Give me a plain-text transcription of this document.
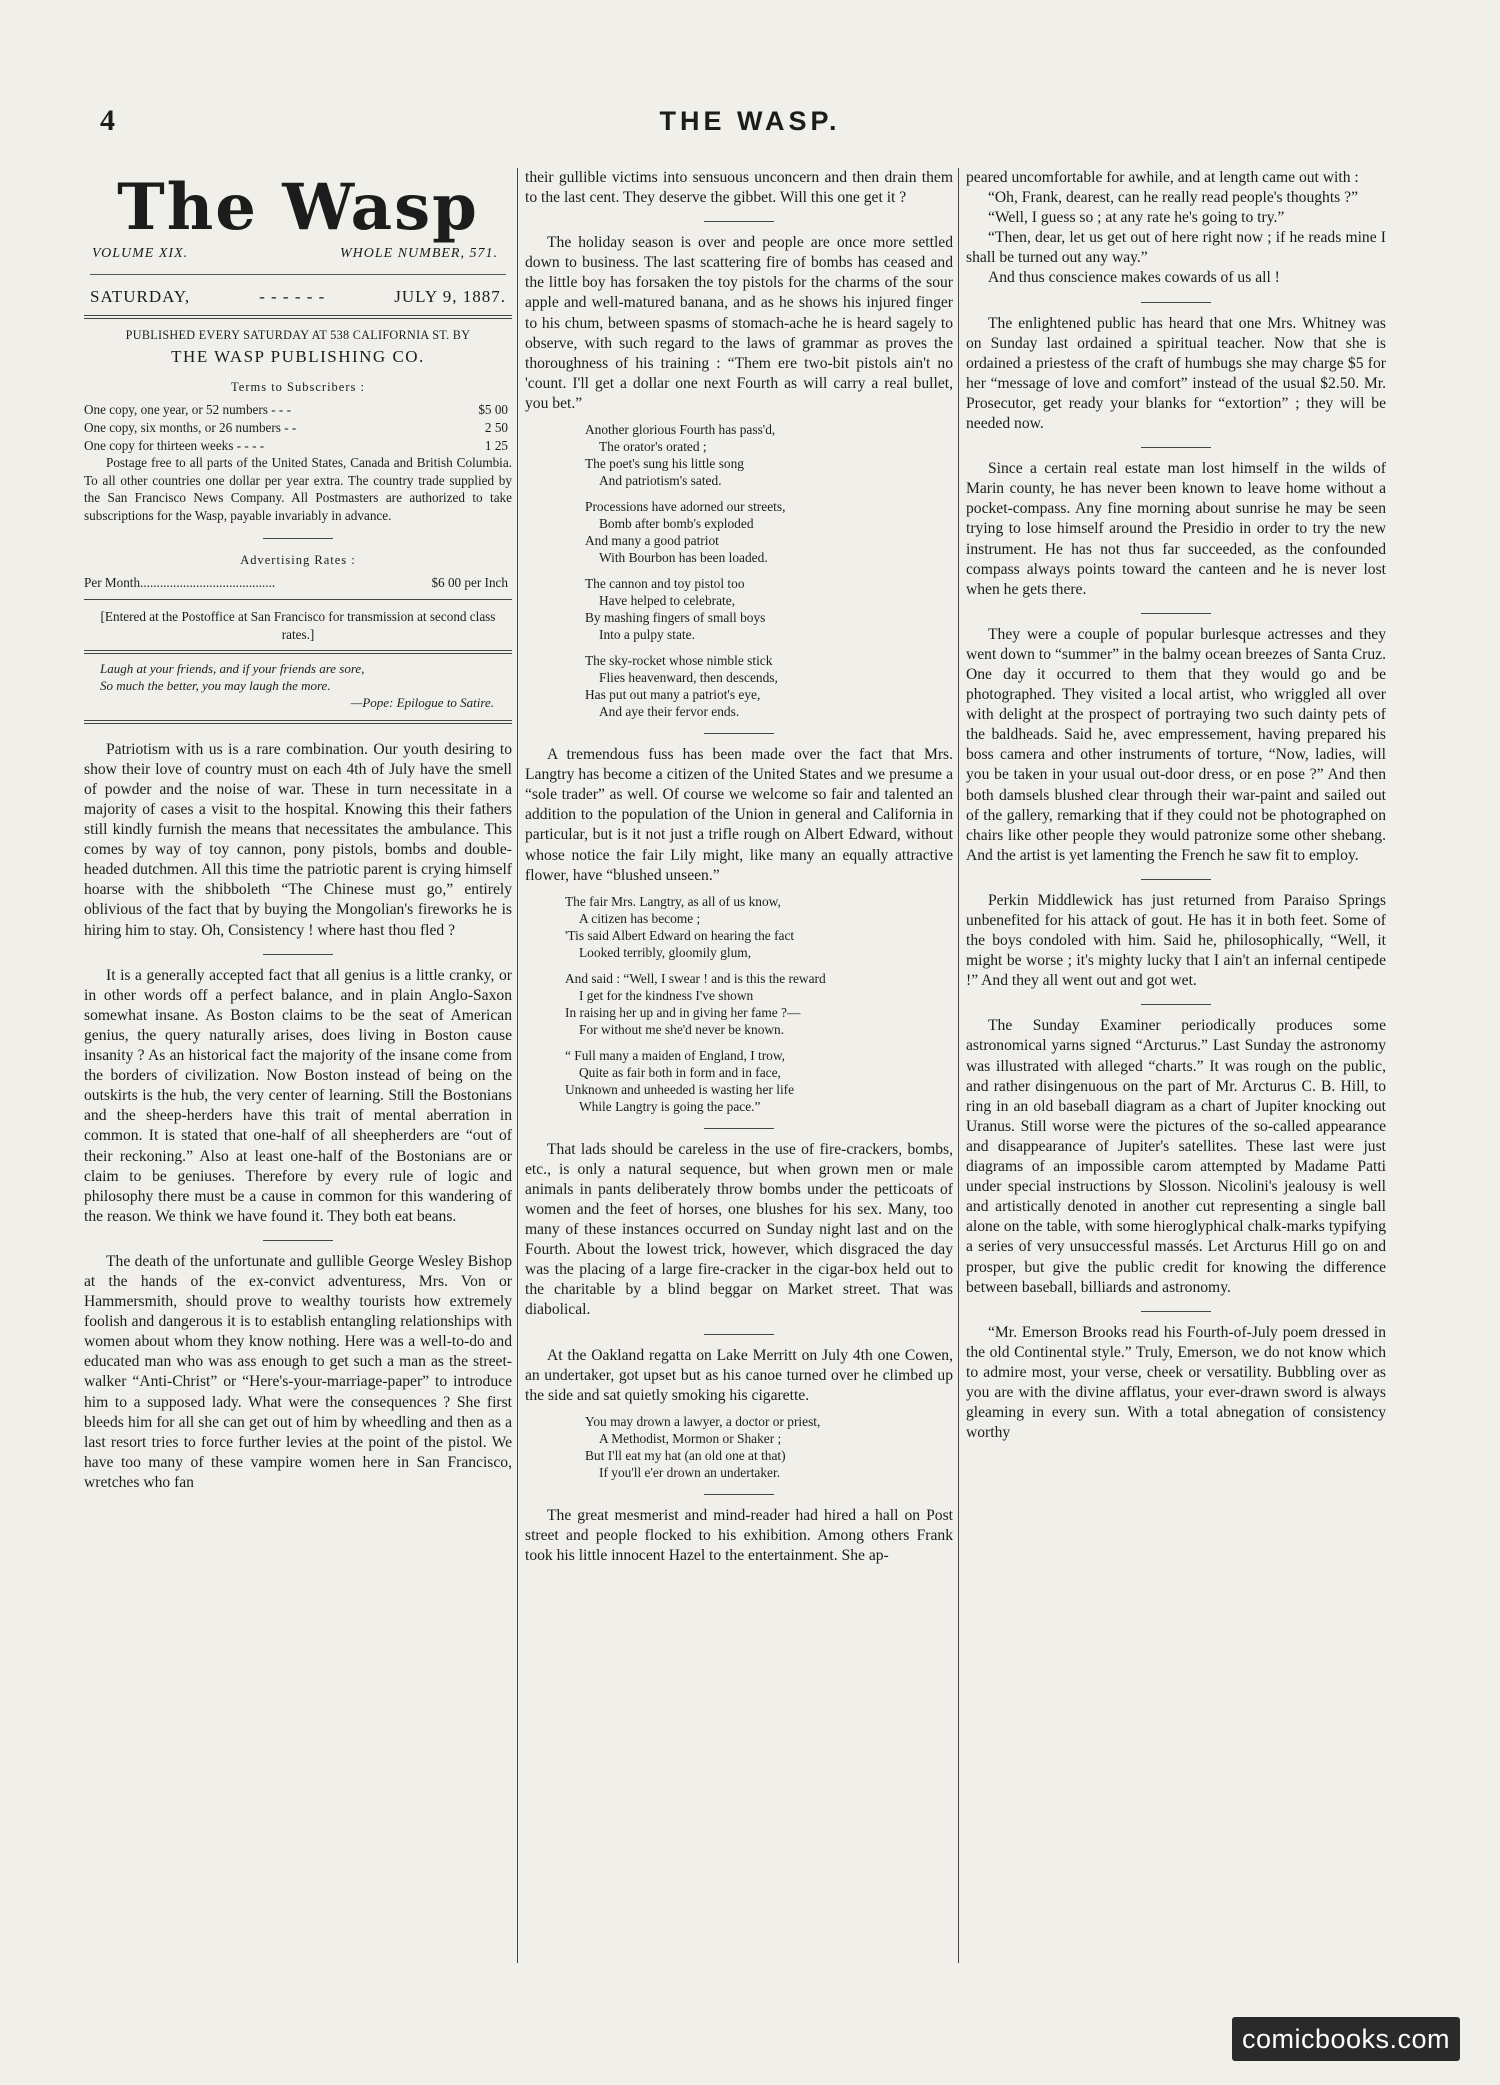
4	THE WASP.
The Wasp
VOLUME XIX.	WHOLE NUMBER, 571.
SATURDAY,	- - - - - -	JULY 9, 1887.
PUBLISHED EVERY SATURDAY AT 538 CALIFORNIA ST. BY
THE WASP PUBLISHING CO.
Terms to Subscribers :
One copy, one year, or 52 numbers - - -	$5 00
One copy, six months, or 26 numbers - -	2 50
One copy for thirteen weeks - - - -	1 25
Postage free to all parts of the United States, Canada and British Columbia. To all other countries one dollar per year extra. The country trade supplied by the San Francisco News Company. All Postmasters are authorized to take subscriptions for the Wasp, payable invariably in advance.
Advertising Rates :
Per Month.........................................	$6 00 per Inch
[Entered at the Postoffice at San Francisco for transmission at second class rates.]
Laugh at your friends, and if your friends are sore,
So much the better, you may laugh the more.
—Pope: Epilogue to Satire.

Patriotism with us is a rare combination. Our youth desiring to show their love of country must on each 4th of July have the smell of powder and the noise of war. These in turn necessitate in a majority of cases a visit to the hospital. Knowing this their fathers still kindly furnish the means that necessitates the ambulance. This comes by way of toy cannon, pony pistols, bombs and double-headed dutchmen. All this time the patriotic parent is crying himself hoarse with the shibboleth “The Chinese must go,” entirely oblivious of the fact that by buying the Mongolian's fireworks he is hiring him to stay. Oh, Consistency ! where hast thou fled ?

It is a generally accepted fact that all genius is a little cranky, or in other words off a perfect balance, and in plain Anglo-Saxon somewhat insane. As Boston claims to be the seat of American genius, the query naturally arises, does living in Boston cause insanity ? As an historical fact the majority of the insane come from the borders of civilization. Now Boston instead of being on the outskirts is the hub, the very center of learning. Still the Bostonians and the sheep-herders have this trait of mental aberration in common. It is stated that one-half of all sheepherders are “out of their reckoning.” Also at least one-half of the Bostonians are or claim to be geniuses. Therefore by every rule of logic and philosophy there must be a cause in common for this wandering of the reason. We think we have found it. They both eat beans.

The death of the unfortunate and gullible George Wesley Bishop at the hands of the ex-convict adventuress, Mrs. Von or Hammersmith, should prove to wealthy tourists how extremely foolish and dangerous it is to establish entangling relationships with women about whom they know nothing. Here was a well-to-do and educated man who was ass enough to get such a man as the street-walker “Anti-Christ” or “Here's-your-marriage-paper” to introduce him to a supposed lady. What were the consequences ? She first bleeds him for all she can get out of him by wheedling and then as a last resort tries to force further levies at the point of the pistol. We have too many of these vampire women here in San Francisco, wretches who fan

their gullible victims into sensuous unconcern and then drain them to the last cent. They deserve the gibbet. Will this one get it ?

The holiday season is over and people are once more settled down to business. The last scattering fire of bombs has ceased and the little boy has forsaken the toy pistols for the charms of the sour apple and well-matured banana, and as he shows his injured finger to his chum, between spasms of stomach-ache he is heard sagely to observe, with such regard to the laws of grammar as proves the thoroughness of his training : “Them ere two-bit pistols ain't no 'count. I'll get a dollar one next Fourth as will carry a real bullet, you bet.”

Another glorious Fourth has pass'd,
The orator's orated ;
The poet's sung his little song
And patriotism's sated.
Processions have adorned our streets,
Bomb after bomb's exploded
And many a good patriot
With Bourbon has been loaded.
The cannon and toy pistol too
Have helped to celebrate,
By mashing fingers of small boys
Into a pulpy state.
The sky-rocket whose nimble stick
Flies heavenward, then descends,
Has put out many a patriot's eye,
And aye their fervor ends.

A tremendous fuss has been made over the fact that Mrs. Langtry has become a citizen of the United States and we presume a “sole trader” as well. Of course we welcome so fair and talented an addition to the population of the Union in general and California in particular, but is it not just a trifle rough on Albert Edward, without whose notice the fair Lily might, like many an equally attractive flower, have “blushed unseen.”

The fair Mrs. Langtry, as all of us know,
A citizen has become ;
'Tis said Albert Edward on hearing the fact
Looked terribly, gloomily glum,
And said : “Well, I swear ! and is this the reward
I get for the kindness I've shown
In raising her up and in giving her fame ?—
For without me she'd never be known.
“ Full many a maiden of England, I trow,
Quite as fair both in form and in face,
Unknown and unheeded is wasting her life
While Langtry is going the pace.”

That lads should be careless in the use of fire-crackers, bombs, etc., is only a natural sequence, but when grown men or male animals in pants deliberately throw bombs under the petticoats of women and the feet of horses, one blushes for his sex. Many, too many of these instances occurred on Sunday night last and on the Fourth. About the lowest trick, however, which disgraced the day was the placing of a large fire-cracker in the cigar-box held out to the charitable by a blind beggar on Market street. That was diabolical.

At the Oakland regatta on Lake Merritt on July 4th one Cowen, an undertaker, got upset but as his canoe turned over he climbed up the side and sat quietly smoking his cigarette.

You may drown a lawyer, a doctor or priest,
A Methodist, Mormon or Shaker ;
But I'll eat my hat (an old one at that)
If you'll e'er drown an undertaker.

The great mesmerist and mind-reader had hired a hall on Post street and people flocked to his exhibition. Among others Frank took his little innocent Hazel to the entertainment. She ap-

peared uncomfortable for awhile, and at length came out with :

“Oh, Frank, dearest, can he really read people's thoughts ?”

“Well, I guess so ; at any rate he's going to try.”

“Then, dear, let us get out of here right now ; if he reads mine I shall be turned out any way.”

And thus conscience makes cowards of us all !

The enlightened public has heard that one Mrs. Whitney was on Sunday last ordained a spiritual teacher. Now that she is ordained a priestess of the craft of humbugs she may charge $5 for her “message of love and comfort” instead of the usual $2.50. Mr. Prosecutor, get ready your blanks for “extortion” ; they will be needed now.

Since a certain real estate man lost himself in the wilds of Marin county, he has never been known to leave home without a pocket-compass. Any fine morning about sunrise he may be seen trying to lose himself around the Presidio in order to try the new instrument. He has not thus far succeeded, as the confounded compass always points toward the canteen and he is never lost when he gets there.

They were a couple of popular burlesque actresses and they went down to “summer” in the balmy ocean breezes of Santa Cruz. One day it occurred to them that they would go and be photographed. They visited a local artist, who wriggled all over with delight at the prospect of portraying two such dainty pets of the baldheads. Said he, avec empressement, having prepared his boss camera and other instruments of torture, “Now, ladies, will you be taken in your usual out-door dress, or en pose ?” And then both damsels blushed clear through their war-paint and sailed out of the gallery, remarking that if they could not be photographed on chairs like other people they would patronize some other shebang. And the artist is yet lamenting the French he saw fit to employ.

Perkin Middlewick has just returned from Paraiso Springs unbenefited for his attack of gout. He has it in both feet. Some of the boys condoled with him. Said he, philosophically, “Well, it might be worse ; it's mighty lucky that I ain't an infernal centipede !” And they all went out and got wet.

The Sunday Examiner periodically produces some astronomical yarns signed “Arcturus.” Last Sunday the astronomy was illustrated with alleged “charts.” It was rough on the public, and rather disingenuous on the part of Mr. Arcturus C. B. Hill, to ring in an old baseball diagram as a chart of Jupiter knocking out Uranus. Still worse were the pictures of the so-called appearance and disappearance of Jupiter's satellites. These last were just diagrams of an impossible carom attempted by Madame Patti under special instructions by Slosson. Nicolini's jealousy is well and artistically denoted in another cut representing a single ball alone on the table, with some hieroglyphical chalk-marks typifying a series of very unsuccessful massés. Let Arcturus Hill go on and prosper, but give the public credit for knowing the difference between baseball, billiards and astronomy.

“Mr. Emerson Brooks read his Fourth-of-July poem dressed in the old Continental style.” Truly, Emerson, we do not know which to admire most, your verse, cheek or versatility. Bubbling over as you are with the divine afflatus, your ever-drawn sword is always gleaming in every sun. With a total abnegation of consistency worthy

comicbooks.com
